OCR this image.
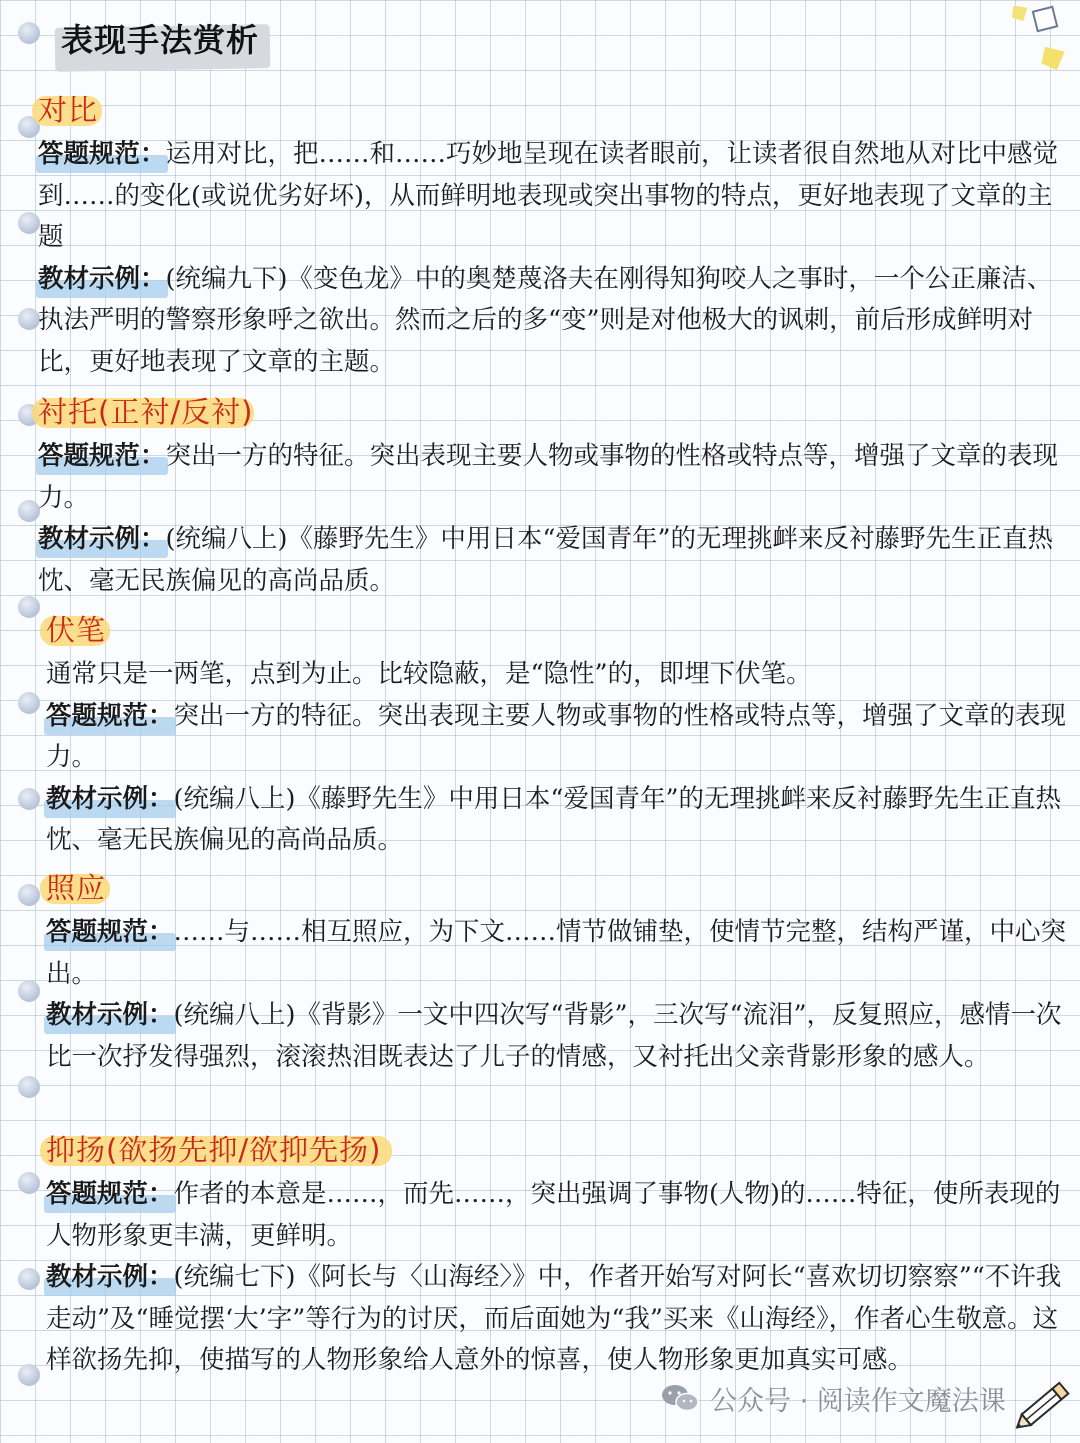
表现手法赏析
对比

答题规范：运用对比，把……和……巧妙地呈现在读者眼前，让读者很自然地从对比中感觉到……的变化(或说优劣好坏)，从而鲜明地表现或突出事物的特点，更好地表现了文章的主题

教材示例：(统编九下)《变色龙》中的奥楚蔑洛夫在刚得知狗咬人之事时，一个公正廉洁、执法严明的警察形象呼之欲出。然而之后的多“变”则是对他极大的讽刺，前后形成鲜明对比，更好地表现了文章的主题。

衬托(正衬/反衬)

答题规范：突出一方的特征。突出表现主要人物或事物的性格或特点等，增强了文章的表现力。

教材示例：(统编八上)《藤野先生》中用日本“爱国青年”的无理挑衅来反衬藤野先生正直热忱、毫无民族偏见的高尚品质。

伏笔

通常只是一两笔，点到为止。比较隐蔽，是“隐性”的，即埋下伏笔。

答题规范：突出一方的特征。突出表现主要人物或事物的性格或特点等，增强了文章的表现力。

教材示例：(统编八上)《藤野先生》中用日本“爱国青年”的无理挑衅来反衬藤野先生正直热忱、毫无民族偏见的高尚品质。

照应

答题规范：……与……相互照应，为下文……情节做铺垫，使情节完整，结构严谨，中心突出。

教材示例：(统编八上)《背影》一文中四次写“背影”，三次写“流泪”，反复照应，感情一次比一次抒发得强烈，滚滚热泪既表达了儿子的情感，又衬托出父亲背影形象的感人。

抑扬(欲扬先抑/欲抑先扬)

答题规范：作者的本意是……，而先……，突出强调了事物(人物)的……特征，使所表现的人物形象更丰满，更鲜明。

教材示例：(统编七下)《阿长与〈山海经〉》中，作者开始写对阿长“喜欢切切察察”“不许我走动”及“睡觉摆‘大’字”等行为的讨厌，而后面她为“我”买来《山海经》，作者心生敬意。这样欲扬先抑，使描写的人物形象给人意外的惊喜，使人物形象更加真实可感。

公众号 · 阅读作文魔法课
